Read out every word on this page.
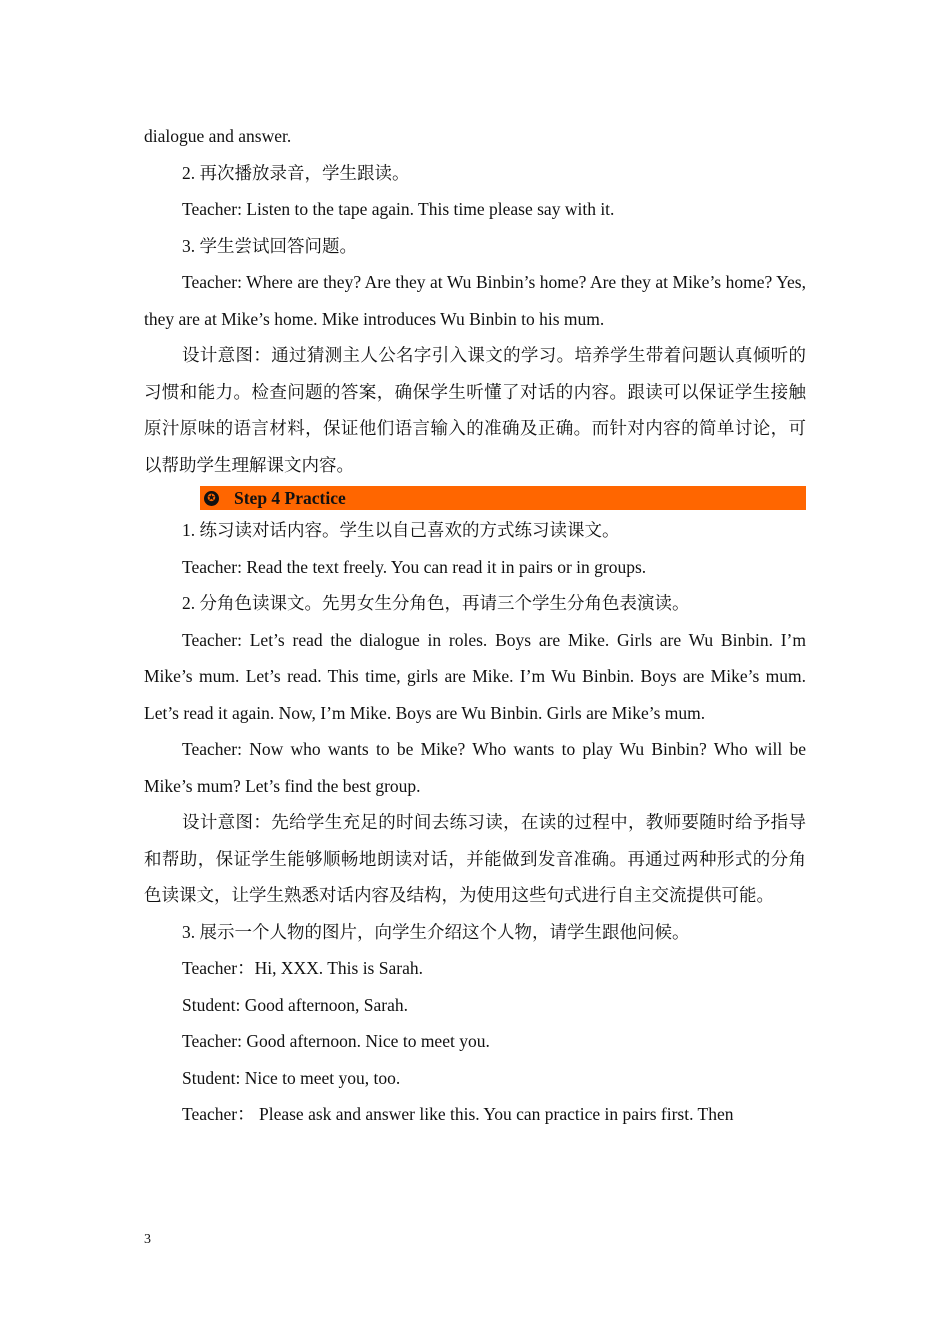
dialogue and answer.

2. 再次播放录音，学生跟读。

Teacher: Listen to the tape again. This time please say with it.

3. 学生尝试回答问题。

Teacher: Where are they? Are they at Wu Binbin’s home? Are they at Mike’s home? Yes, they are at Mike’s home. Mike introduces Wu Binbin to his mum.

设计意图：通过猜测主人公名字引入课文的学习。培养学生带着问题认真倾听的习惯和能力。检查问题的答案，确保学生听懂了对话的内容。跟读可以保证学生接触原汁原味的语言材料，保证他们语言输入的准确及正确。而针对内容的简单讨论，可以帮助学生理解课文内容。

✪ Step 4 Practice

1. 练习读对话内容。学生以自己喜欢的方式练习读课文。

Teacher: Read the text freely. You can read it in pairs or in groups.

2. 分角色读课文。先男女生分角色，再请三个学生分角色表演读。

Teacher: Let’s read the dialogue in roles. Boys are Mike. Girls are Wu Binbin. I’m Mike’s mum. Let’s read. This time, girls are Mike. I’m Wu Binbin. Boys are Mike’s mum. Let’s read it again. Now, I’m Mike. Boys are Wu Binbin. Girls are Mike’s mum.

Teacher: Now who wants to be Mike? Who wants to play Wu Binbin? Who will be Mike’s mum? Let’s find the best group.

设计意图：先给学生充足的时间去练习读，在读的过程中，教师要随时给予指导和帮助，保证学生能够顺畅地朗读对话，并能做到发音准确。再通过两种形式的分角色读课文，让学生熟悉对话内容及结构，为使用这些句式进行自主交流提供可能。

3. 展示一个人物的图片，向学生介绍这个人物，请学生跟他问候。

Teacher：Hi, XXX. This is Sarah.

Student: Good afternoon, Sarah.

Teacher: Good afternoon. Nice to meet you.

Student: Nice to meet you, too.

Teacher： Please ask and answer like this. You can practice in pairs first. Then

3
